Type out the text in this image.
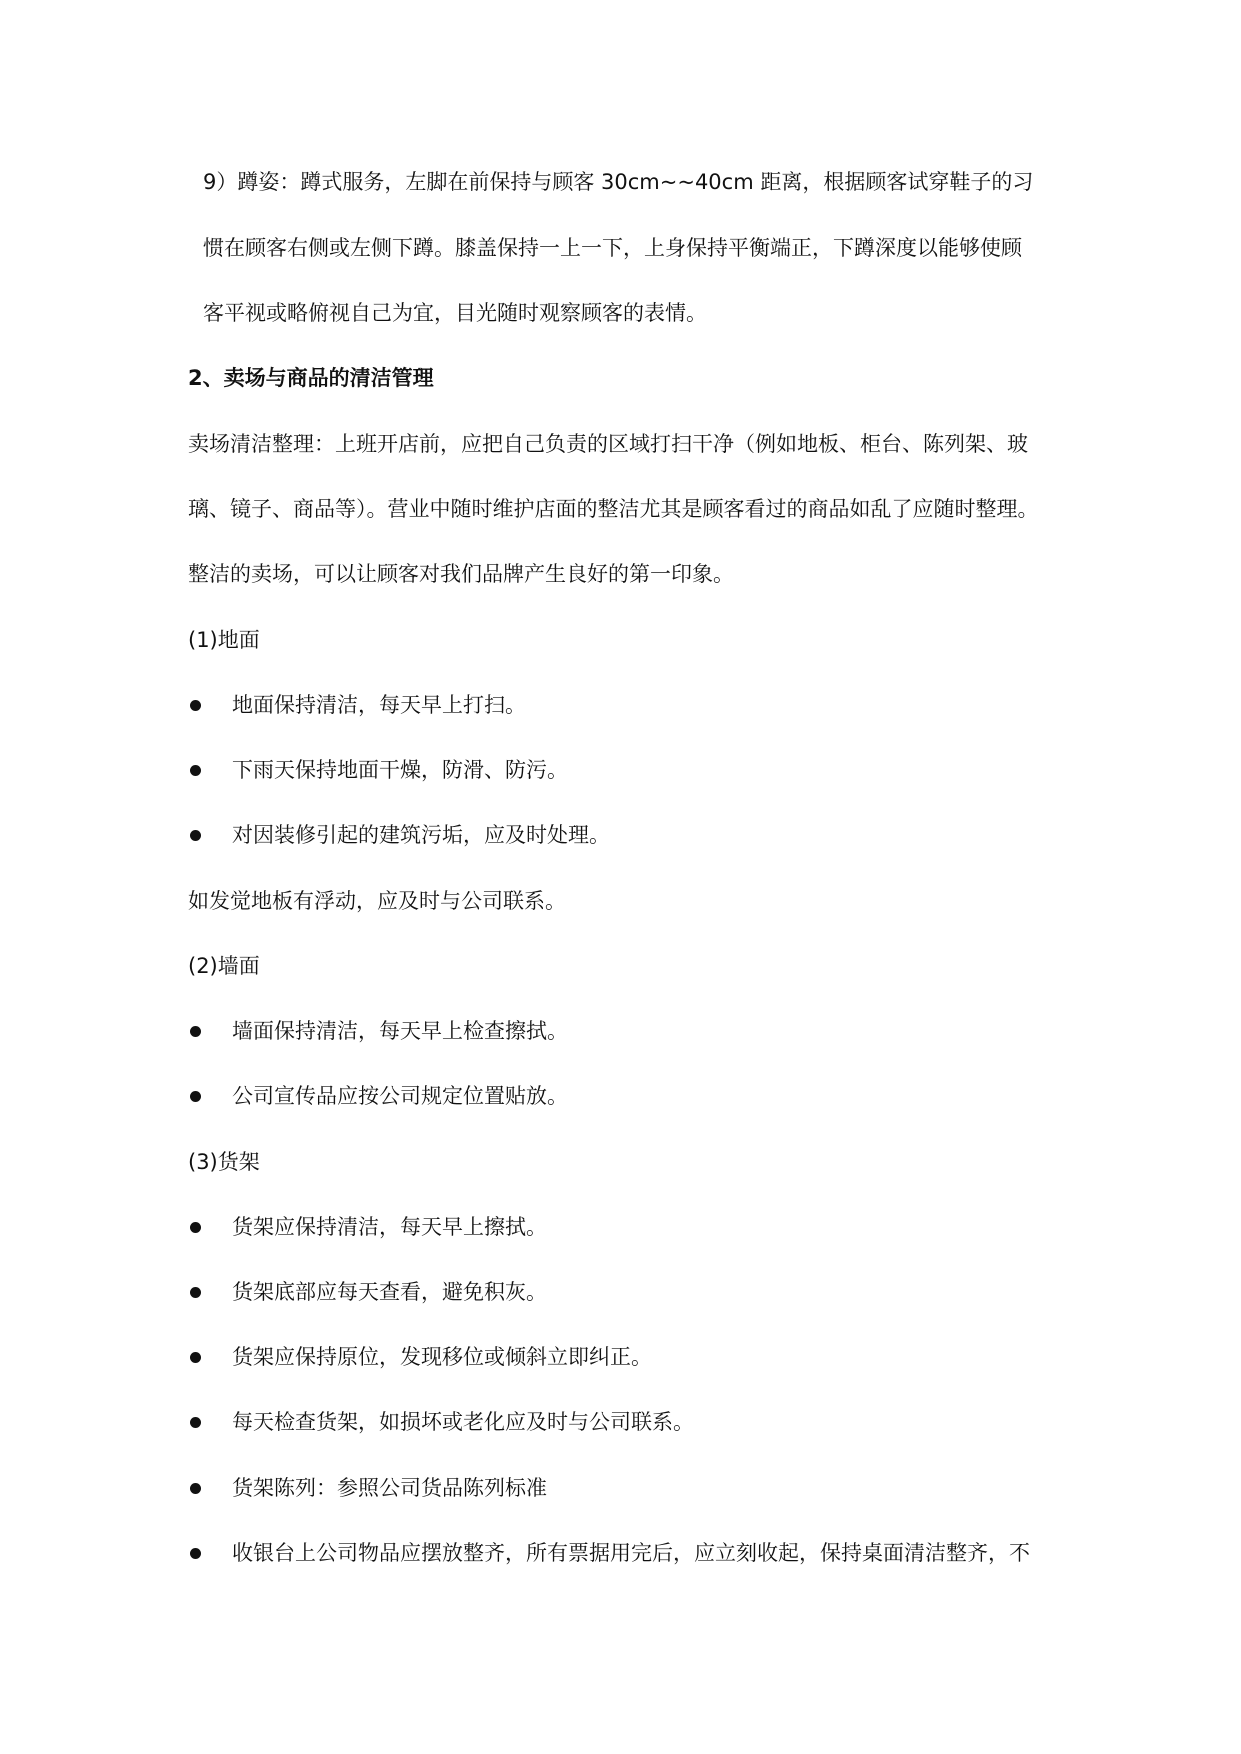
9）蹲姿：蹲式服务，左脚在前保持与顾客 30cm~~40cm 距离，根据顾客试穿鞋子的习
惯在顾客右侧或左侧下蹲。膝盖保持一上一下，上身保持平衡端正，下蹲深度以能够使顾
客平视或略俯视自己为宜，目光随时观察顾客的表情。
2、卖场与商品的清洁管理
卖场清洁整理：上班开店前，应把自己负责的区域打扫干净（例如地板、柜台、陈列架、玻
璃、镜子、商品等）。营业中随时维护店面的整洁尤其是顾客看过的商品如乱了应随时整理。
整洁的卖场，可以让顾客对我们品牌产生良好的第一印象。
(1)地面
地面保持清洁，每天早上打扫。
下雨天保持地面干燥，防滑、防污。
对因装修引起的建筑污垢，应及时处理。
如发觉地板有浮动，应及时与公司联系。
(2)墙面
墙面保持清洁，每天早上检查擦拭。
公司宣传品应按公司规定位置贴放。
(3)货架
货架应保持清洁，每天早上擦拭。
货架底部应每天查看，避免积灰。
货架应保持原位，发现移位或倾斜立即纠正。
每天检查货架，如损坏或老化应及时与公司联系。
货架陈列：参照公司货品陈列标准
收银台上公司物品应摆放整齐，所有票据用完后，应立刻收起，保持桌面清洁整齐，不
